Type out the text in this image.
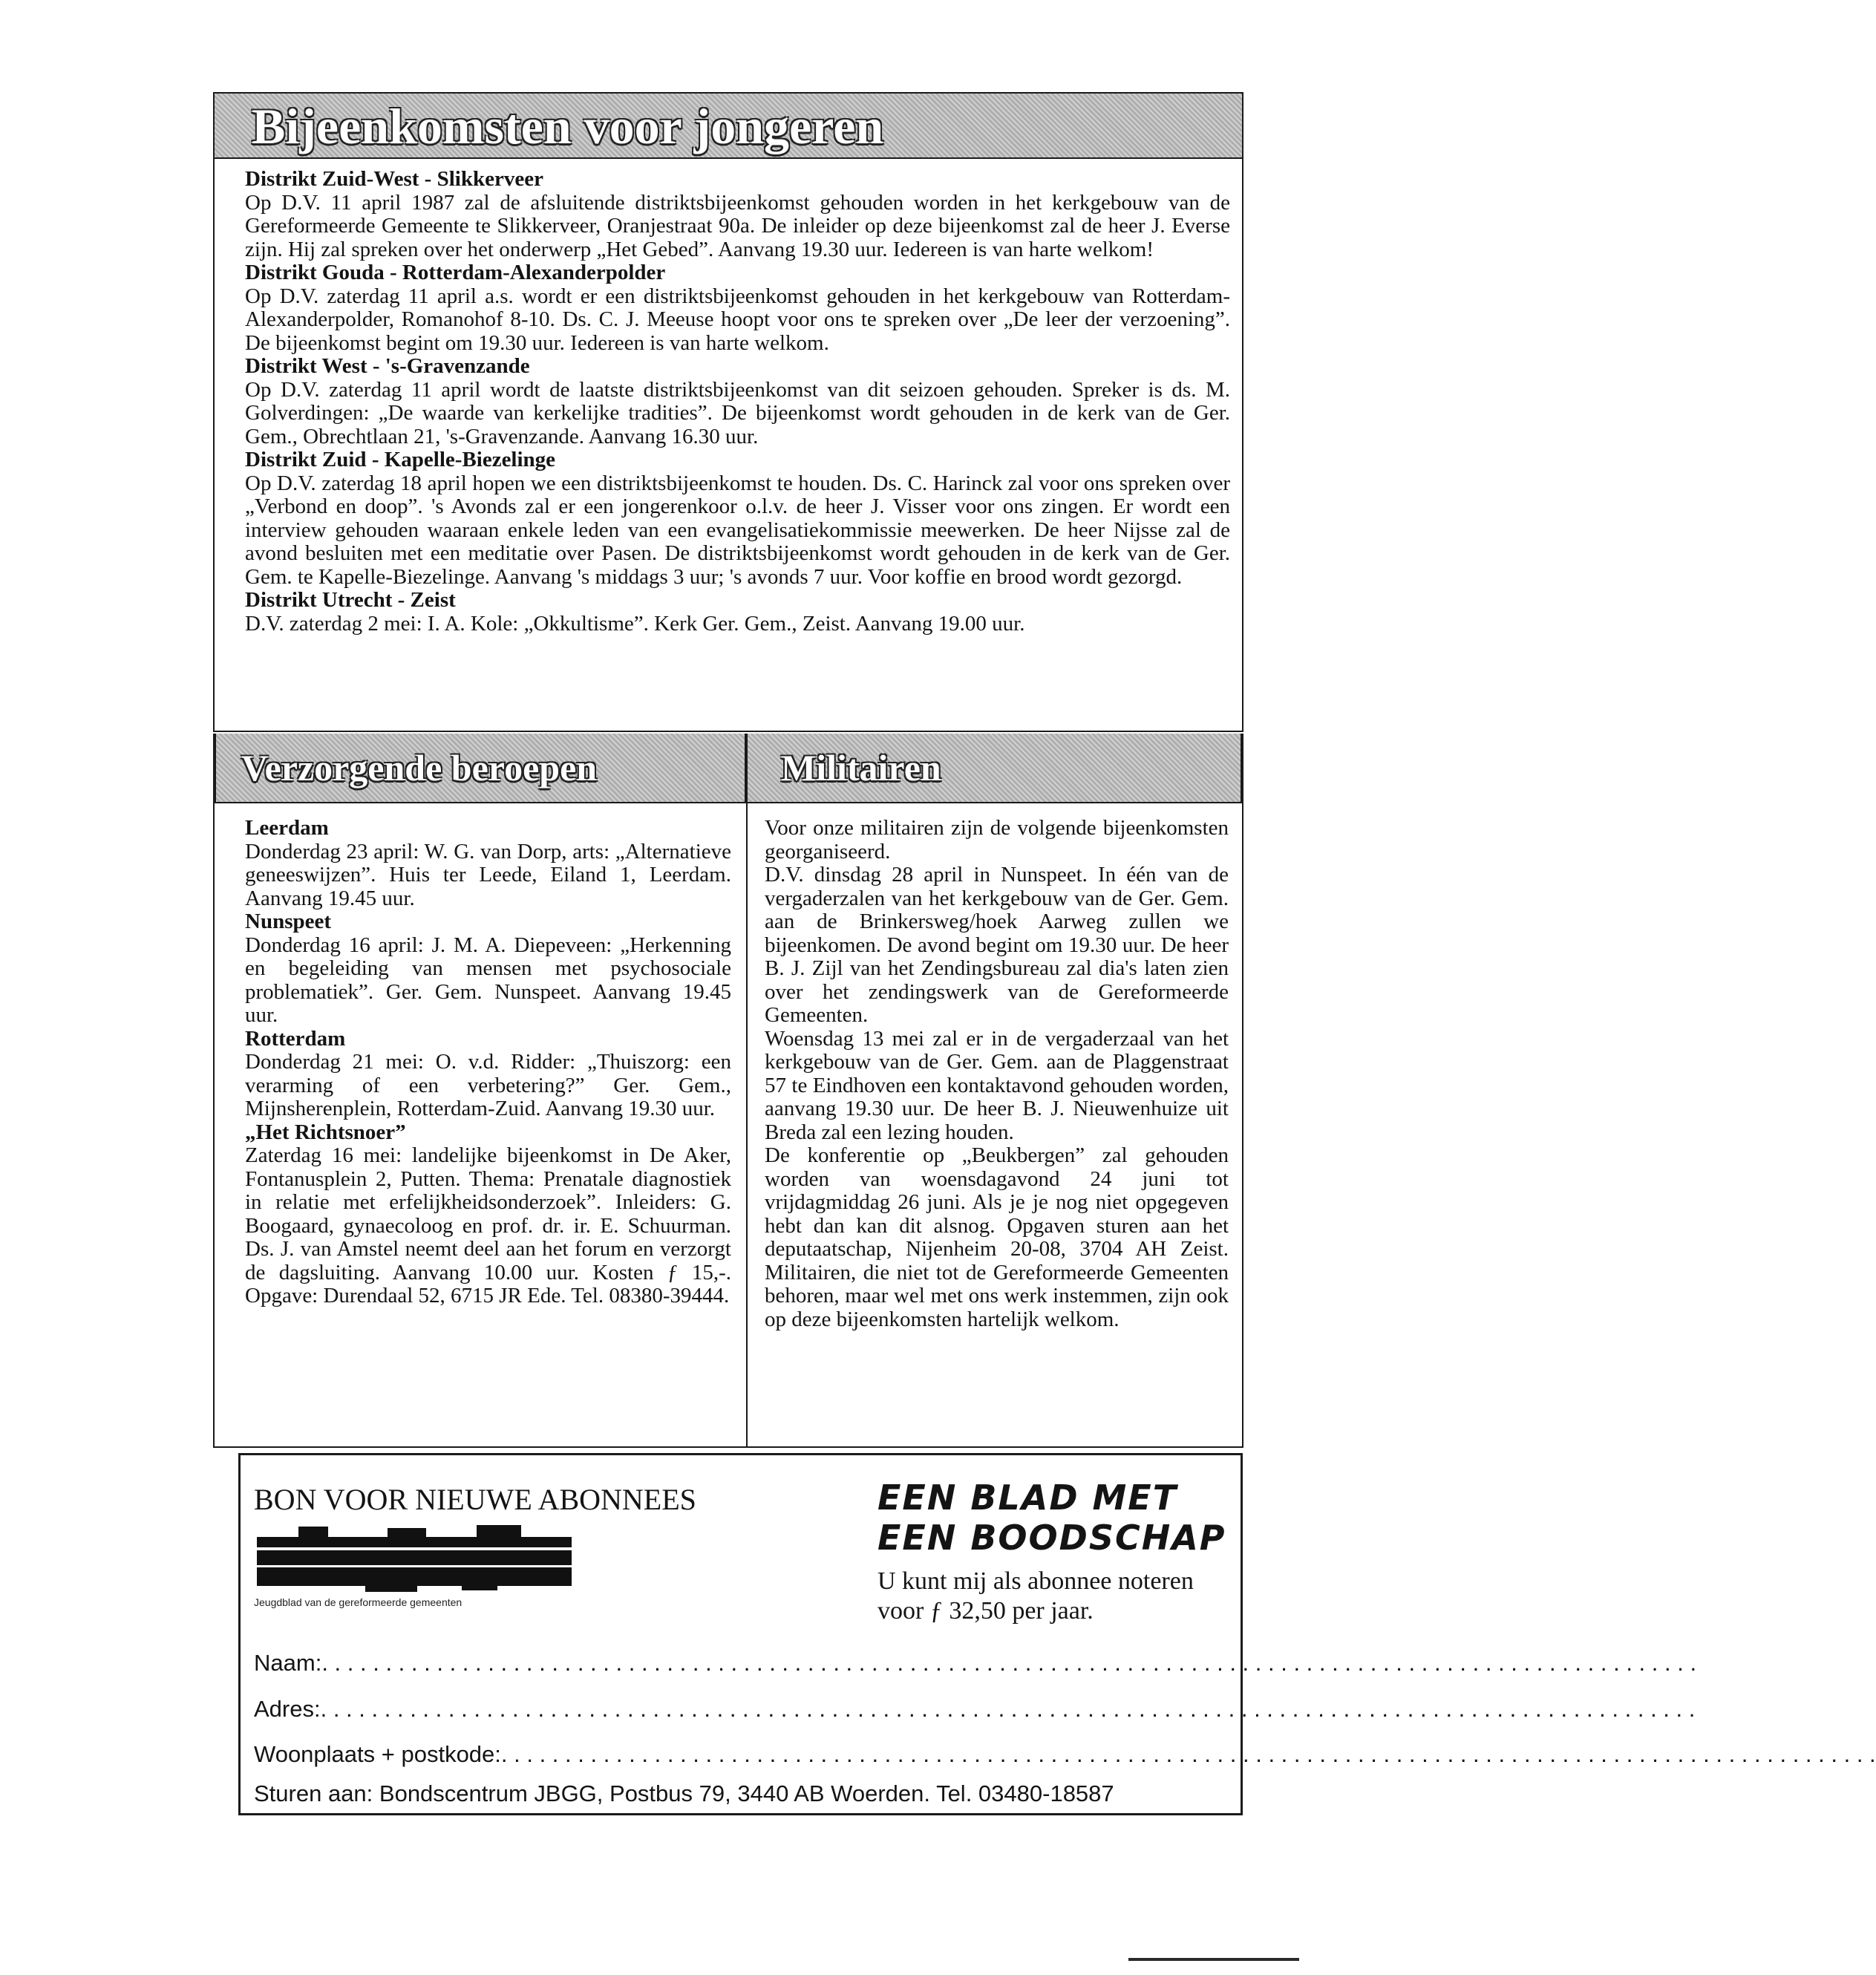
Bijeenkomsten voor jongeren
Distrikt Zuid-West - Slikkerveer
Op D.V. 11 april 1987 zal de afsluitende distriktsbijeenkomst gehouden worden in het kerkgebouw van de Gereformeerde Gemeente te Slikkerveer, Oranjestraat 90a. De inleider op deze bijeenkomst zal de heer J. Everse zijn. Hij zal spreken over het onderwerp „Het Gebed”. Aanvang 19.30 uur. Iedereen is van harte welkom!
Distrikt Gouda - Rotterdam-Alexanderpolder
Op D.V. zaterdag 11 april a.s. wordt er een distriktsbijeenkomst gehouden in het kerkgebouw van Rotterdam-Alexanderpolder, Romanohof 8-10. Ds. C. J. Meeuse hoopt voor ons te spreken over „De leer der verzoening”. De bijeenkomst begint om 19.30 uur. Iedereen is van harte welkom.
Distrikt West - 's-Gravenzande
Op D.V. zaterdag 11 april wordt de laatste distriktsbijeenkomst van dit seizoen gehouden. Spreker is ds. M. Golverdingen: „De waarde van kerkelijke tradities”. De bijeenkomst wordt gehouden in de kerk van de Ger. Gem., Obrechtlaan 21, 's-Gravenzande. Aanvang 16.30 uur.
Distrikt Zuid - Kapelle-Biezelinge
Op D.V. zaterdag 18 april hopen we een distriktsbijeenkomst te houden. Ds. C. Harinck zal voor ons spreken over „Verbond en doop”. 's Avonds zal er een jongerenkoor o.l.v. de heer J. Visser voor ons zingen. Er wordt een interview gehouden waaraan enkele leden van een evangelisatiekommissie meewerken. De heer Nijsse zal de avond besluiten met een meditatie over Pasen. De distriktsbijeenkomst wordt gehouden in de kerk van de Ger. Gem. te Kapelle-Biezelinge. Aanvang 's middags 3 uur; 's avonds 7 uur. Voor koffie en brood wordt gezorgd.
Distrikt Utrecht - Zeist
D.V. zaterdag 2 mei: I. A. Kole: „Okkultisme”. Kerk Ger. Gem., Zeist. Aanvang 19.00 uur.
Verzorgende beroepen
Leerdam
Donderdag 23 april: W. G. van Dorp, arts: „Alternatieve geneeswijzen”. Huis ter Leede, Eiland 1, Leerdam. Aanvang 19.45 uur.
Nunspeet
Donderdag 16 april: J. M. A. Diepeveen: „Herkenning en begeleiding van mensen met psychosociale problematiek”. Ger. Gem. Nunspeet. Aanvang 19.45 uur.
Rotterdam
Donderdag 21 mei: O. v.d. Ridder: „Thuiszorg: een verarming of een verbetering?” Ger. Gem., Mijnsherenplein, Rotterdam-Zuid. Aanvang 19.30 uur.
„Het Richtsnoer”
Zaterdag 16 mei: landelijke bijeenkomst in De Aker, Fontanusplein 2, Putten. Thema: Prenatale diagnostiek in relatie met erfelijkheidsonderzoek”. Inleiders: G. Boogaard, gynaecoloog en prof. dr. ir. E. Schuurman. Ds. J. van Amstel neemt deel aan het forum en verzorgt de dagsluiting. Aanvang 10.00 uur. Kosten ƒ 15,-. Opgave: Durendaal 52, 6715 JR Ede. Tel. 08380-39444.
Militairen
Voor onze militairen zijn de volgende bijeenkomsten georganiseerd.
D.V. dinsdag 28 april in Nunspeet. In één van de vergaderzalen van het kerkgebouw van de Ger. Gem. aan de Brinkersweg/hoek Aarweg zullen we bijeenkomen. De avond begint om 19.30 uur. De heer B. J. Zijl van het Zendingsbureau zal dia's laten zien over het zendingswerk van de Gereformeerde Gemeenten.
Woensdag 13 mei zal er in de vergaderzaal van het kerkgebouw van de Ger. Gem. aan de Plaggenstraat 57 te Eindhoven een kontaktavond gehouden worden, aanvang 19.30 uur. De heer B. J. Nieuwenhuize uit Breda zal een lezing houden.
De konferentie op „Beukbergen” zal gehouden worden van woensdagavond 24 juni tot vrijdagmiddag 26 juni. Als je je nog niet opgegeven hebt dan kan dit alsnog. Opgaven sturen aan het deputaatschap, Nijenheim 20-08, 3704 AH Zeist. Militairen, die niet tot de Gereformeerde Gemeenten behoren, maar wel met ons werk instemmen, zijn ook op deze bijeenkomsten hartelijk welkom.
BON VOOR NIEUWE ABONNEES
Jeugdblad van de gereformeerde gemeenten
EEN BLAD MET
EEN BOODSCHAP
U kunt mij als abonnee noteren
voor ƒ 32,50 per jaar.
Naam:. . . . . . . . . . . . . . . . . . . . . . . . . . . . . . . . . . . . . . . . . . . . . . . . . . . . . . . . . . . . . . . . . . . . . . . . . . . . . . . . . . . . . . . . . . . . . . . . . . . . . . . . . . . .
Adres:. . . . . . . . . . . . . . . . . . . . . . . . . . . . . . . . . . . . . . . . . . . . . . . . . . . . . . . . . . . . . . . . . . . . . . . . . . . . . . . . . . . . . . . . . . . . . . . . . . . . . . . . . . . .
Woonplaats + postkode:. . . . . . . . . . . . . . . . . . . . . . . . . . . . . . . . . . . . . . . . . . . . . . . . . . . . . . . . . . . . . . . . . . . . . . . . . . . . . . . . . . . . . . . . . . . . . . . . . . . . . . . . . . . .
Sturen aan: Bondscentrum JBGG, Postbus 79, 3440 AB Woerden. Tel. 03480-18587
